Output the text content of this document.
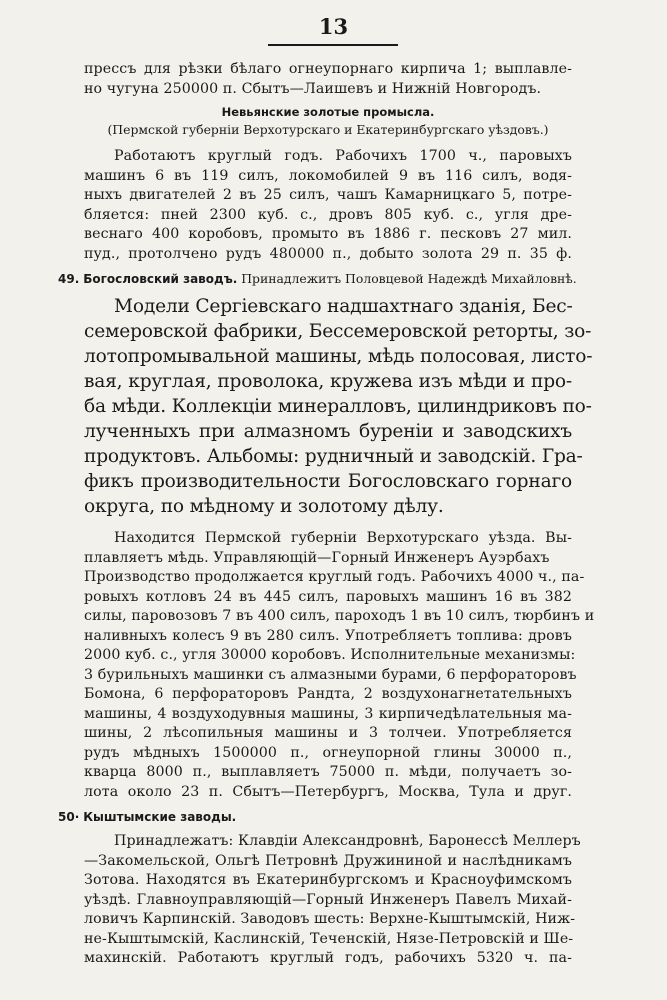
13
прессъ для рѣзки бѣлаго огнеупорнаго кирпича 1; выплавле-
но чугуна 250000 п. Сбытъ—Лаишевъ и Нижній Новгородъ.
Невьянские золотые промысла.
(Пермской губерніи Верхотурскаго и Екатеринбургскаго уѣздовъ.)
Работаютъ круглый годъ. Рабочихъ 1700 ч., паровыхъ
машинъ 6 въ 119 силъ, локомобилей 9 въ 116 силъ, водя-
ныхъ двигателей 2 въ 25 силъ, чашъ Камарницкаго 5, потре-
бляется: пней 2300 куб. с., дровъ 805 куб. с., угля дре-
веснаго 400 коробовъ, промыто въ 1886 г. песковъ 27 мил.
пуд., протолчено рудъ 480000 п., добыто золота 29 п. 35 ф.
49. Богословский заводъ. Принадлежитъ Половцевой Надеждѣ Михайловнѣ.
Модели Сергіевскаго надшахтнаго зданія, Бес-
семеровской фабрики, Бессемеровской реторты, зо-
лотопромывальной машины, мѣдь полосовая, листо-
вая, круглая, проволока, кружева изъ мѣди и про-
ба мѣди. Коллекціи минералловъ, цилиндриковъ по-
лученныхъ при алмазномъ буреніи и заводскихъ
продуктовъ. Альбомы: рудничный и заводскій. Гра-
фикъ производительности Богословскаго горнаго
округа, по мѣдному и золотому дѣлу.
Находится Пермской губерніи Верхотурскаго уѣзда. Вы-
плавляетъ мѣдь. Управляющій—Горный Инженеръ Ауэрбахъ
Производство продолжается круглый годъ. Рабочихъ 4000 ч., па-
ровыхъ котловъ 24 въ 445 силъ, паровыхъ машинъ 16 въ 382
силы, паровозовъ 7 въ 400 силъ, пароходъ 1 въ 10 силъ, тюрбинъ и
наливныхъ колесъ 9 въ 280 силъ. Употребляетъ топлива: дровъ
2000 куб. с., угля 30000 коробовъ. Исполнительные механизмы:
3 бурильныхъ машинки съ алмазными бурами, 6 перфораторовъ
Бомона, 6 перфораторовъ Рандта, 2 воздухонагнетательныхъ
машины, 4 воздуходувныя машины, 3 кирпичедѣлательныя ма-
шины, 2 лѣсопильныя машины и 3 толчеи. Употребляется
рудъ мѣдныхъ 1500000 п., огнеупорной глины 30000 п.,
кварца 8000 п., выплавляетъ 75000 п. мѣди, получаетъ зо-
лота около 23 п. Сбытъ—Петербургъ, Москва, Тула и друг.
50· Кыштымские заводы.
Принадлежатъ: Клавдіи Александровнѣ, Баронессѣ Меллеръ
—Закомельской, Ольгѣ Петровнѣ Дружининой и наслѣдникамъ
Зотова. Находятся въ Екатеринбургскомъ и Красноуфимскомъ
уѣздѣ. Главноуправляющій—Горный Инженеръ Павелъ Михай-
ловичъ Карпинскій. Заводовъ шесть: Верхне-Кыштымскій, Ниж-
не-Кыштымскій, Каслинскій, Теченскій, Нязе-Петровскій и Ше-
махинскій. Работаютъ круглый годъ, рабочихъ 5320 ч. па-
